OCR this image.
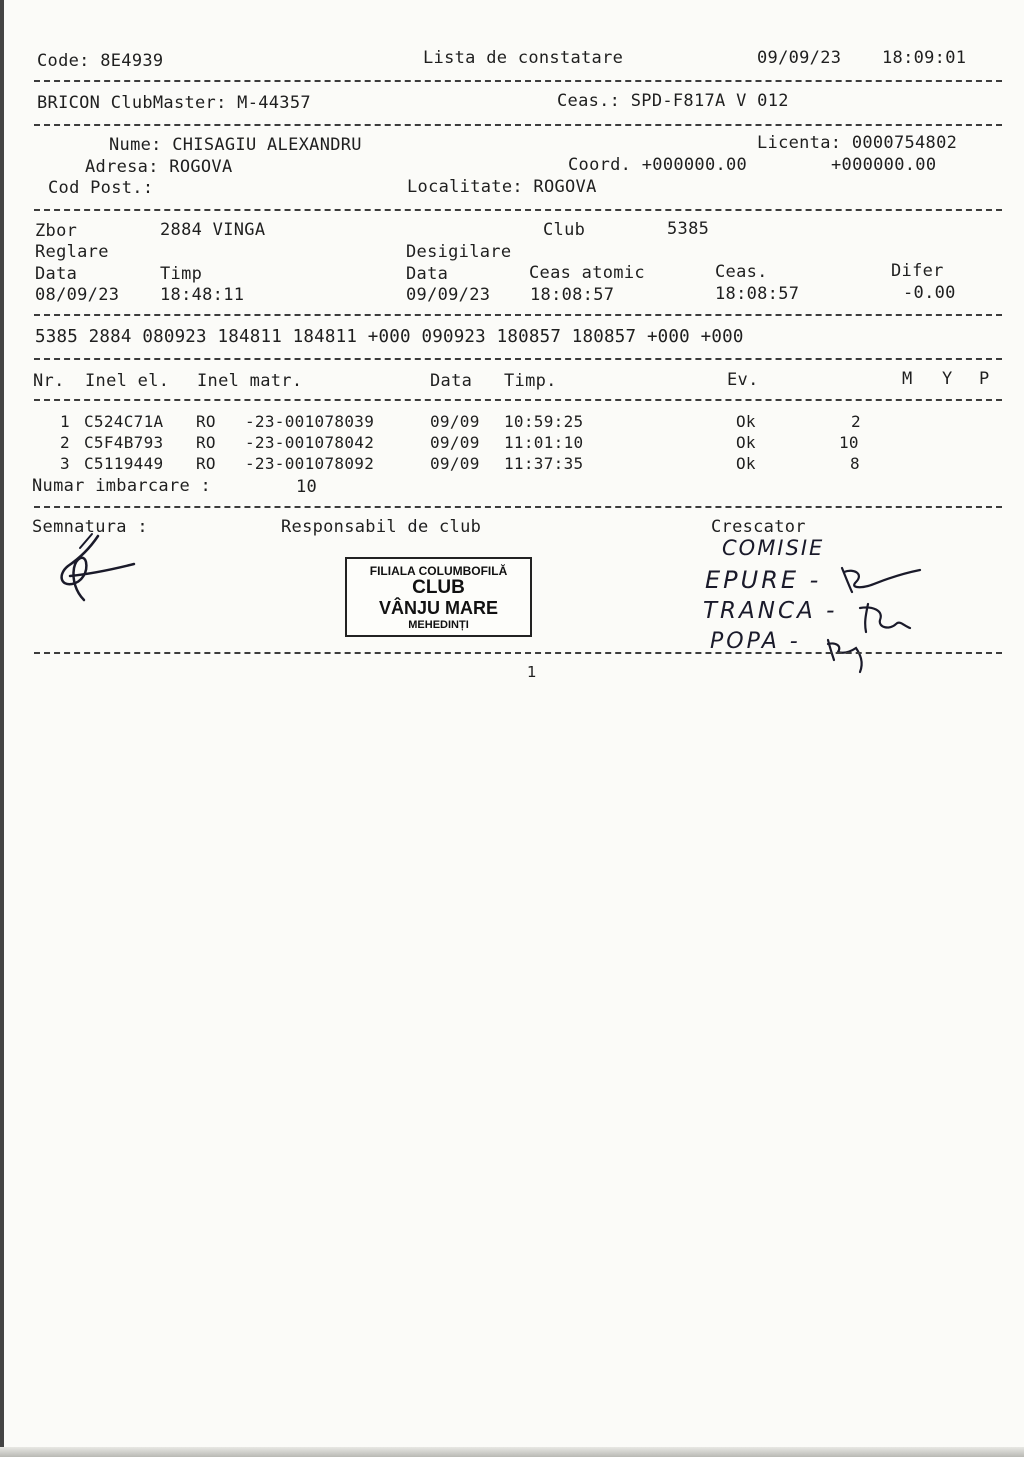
Code: 8E4939	Lista de constatare	09/09/23 18:09:01
BRICON ClubMaster: M-44357	Ceas.: SPD-F817A V 012
Nume: CHISAGIU ALEXANDRU	Licenta: 0000754802
Adresa: ROGOVA	Coord. +000000.00	+000000.00
Cod Post.:	Localitate: ROGOVA
Zbor	2884 VINGA	Club	5385
Reglare	Desigilare
Data	Timp	Data	Ceas atomic	Ceas.	Difer
08/09/23 18:48:11	09/09/23 18:08:57	18:08:57	-0.00
5385 2884 080923 184811 184811 +000 090923 180857 180857 +000 +000
Nr. Inel el. Inel matr.	Data Timp.	Ev.	M Y P
1 C524C71A RO -23-001078039	09/09 10:59:25	Ok	2
2 C5F4B793 RO -23-001078042	09/09 11:01:10	Ok	10
3 C5119449 RO -23-001078092	09/09 11:37:35	Ok	8
Numar imbarcare :	10
Semnatura :	Responsabil de club	Crescator
FILIALA COLUMBOFILĂ
CLUB
VÂNJU MARE
MEHEDINȚI
COMISIE
EPURE -
TRANCA -
POPA -
1
